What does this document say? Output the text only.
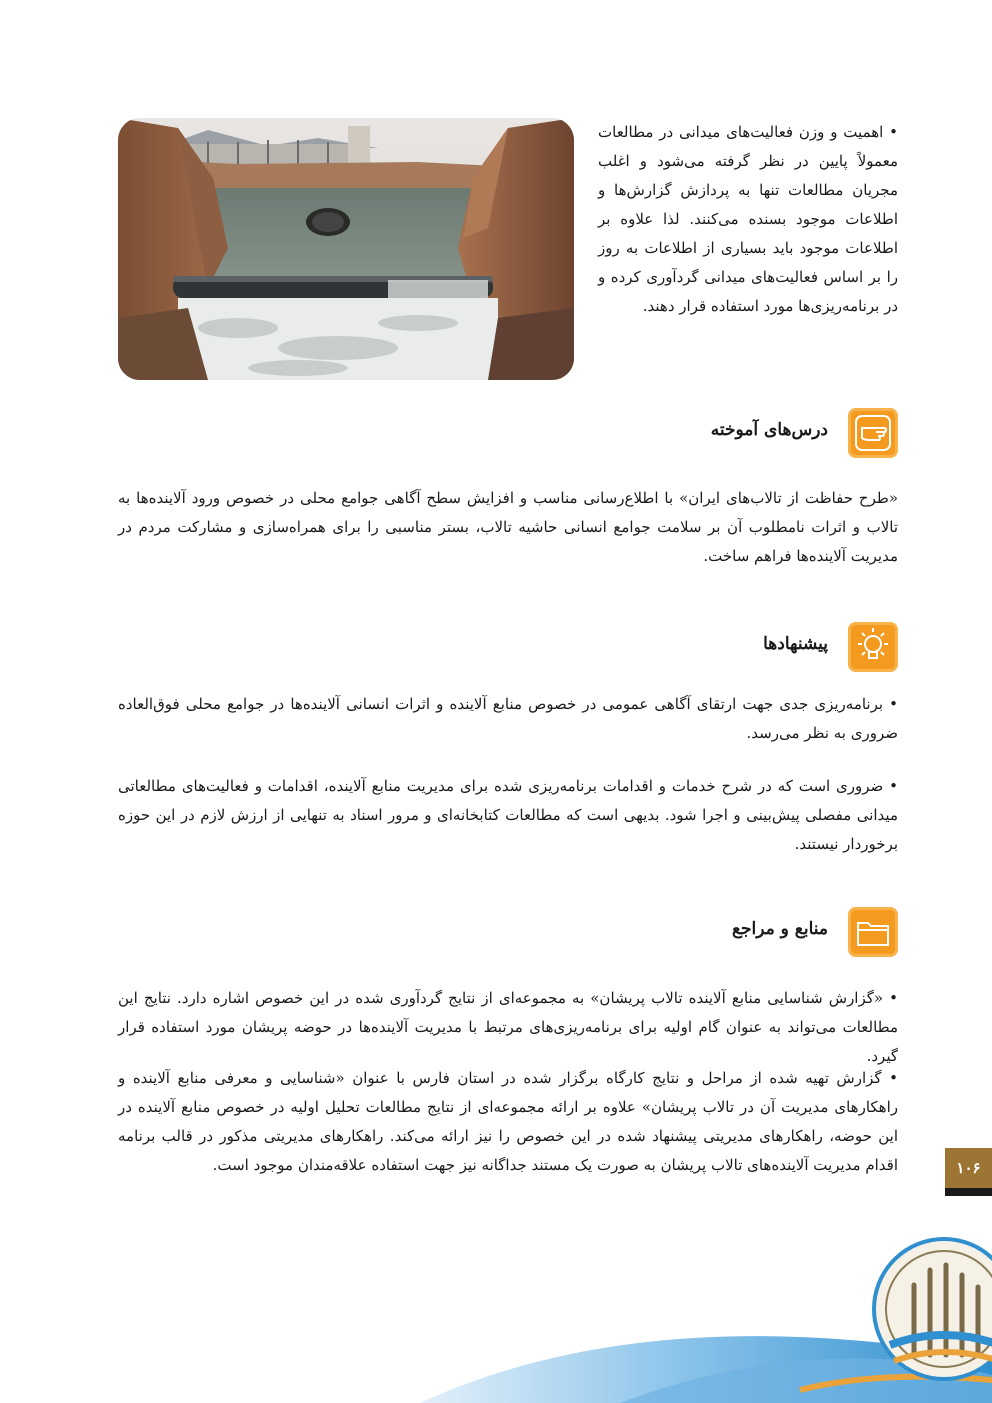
• اهمیت و وزن فعالیت‌های میدانی در مطالعات معمولاً پایین در نظر گرفته می‌شود و اغلب مجریان مطالعات تنها به پردازش گزارش‌ها و اطلاعات موجود بسنده می‌کنند. لذا علاوه بر اطلاعات موجود باید بسیاری از اطلاعات به روز را بر اساس فعالیت‌های میدانی گردآوری کرده و در برنامه‌ریزی‌ها مورد استفاده قرار دهند.
درس‌های آموخته
«طرح حفاظت از تالاب‌های ایران» با اطلاع‌رسانی مناسب و افزایش سطح آگاهی جوامع محلی در خصوص ورود آلاینده‌ها به تالاب و اثرات نامطلوب آن بر سلامت جوامع انسانی حاشیه تالاب، بستر مناسبی را برای همراه‌سازی و مشارکت مردم در مدیریت آلاینده‌ها فراهم ساخت.
پیشنهادها
• برنامه‌ریزی جدی جهت ارتقای آگاهی عمومی در خصوص منابع آلاینده و اثرات انسانی آلاینده‌ها در جوامع محلی فوق‌العاده ضروری به نظر می‌رسد.
• ضروری است که در شرح خدمات و اقدامات برنامه‌ریزی شده برای مدیریت منابع آلاینده، اقدامات و فعالیت‌های مطالعاتی میدانی مفصلی پیش‌بینی و اجرا شود. بدیهی است که مطالعات کتابخانه‌ای و مرور اسناد به تنهایی از ارزش لازم در این حوزه برخوردار نیستند.
منابع و مراجع
• «گزارش شناسایی منابع آلاینده تالاب پریشان» به مجموعه‌ای از نتایج گردآوری شده در این خصوص اشاره دارد. نتایج این مطالعات می‌تواند به عنوان گام اولیه برای برنامه‌ریزی‌های مرتبط با مدیریت آلاینده‌ها در حوضه پریشان مورد استفاده قرار گیرد.
• گزارش تهیه شده از مراحل و نتایج کارگاه برگزار شده در استان فارس با عنوان «شناسایی و معرفی منابع آلاینده و راهکارهای مدیریت آن در تالاب پریشان» علاوه بر ارائه مجموعه‌ای از نتایج مطالعات تحلیل اولیه در خصوص منابع آلاینده در این حوضه، راهکارهای مدیریتی پیشنهاد شده در این خصوص را نیز ارائه می‌کند. راهکارهای مدیریتی مذکور در قالب برنامه اقدام مدیریت آلاینده‌های تالاب پریشان به صورت یک مستند جداگانه نیز جهت استفاده علاقه‌مندان موجود است.	۱۰۶
